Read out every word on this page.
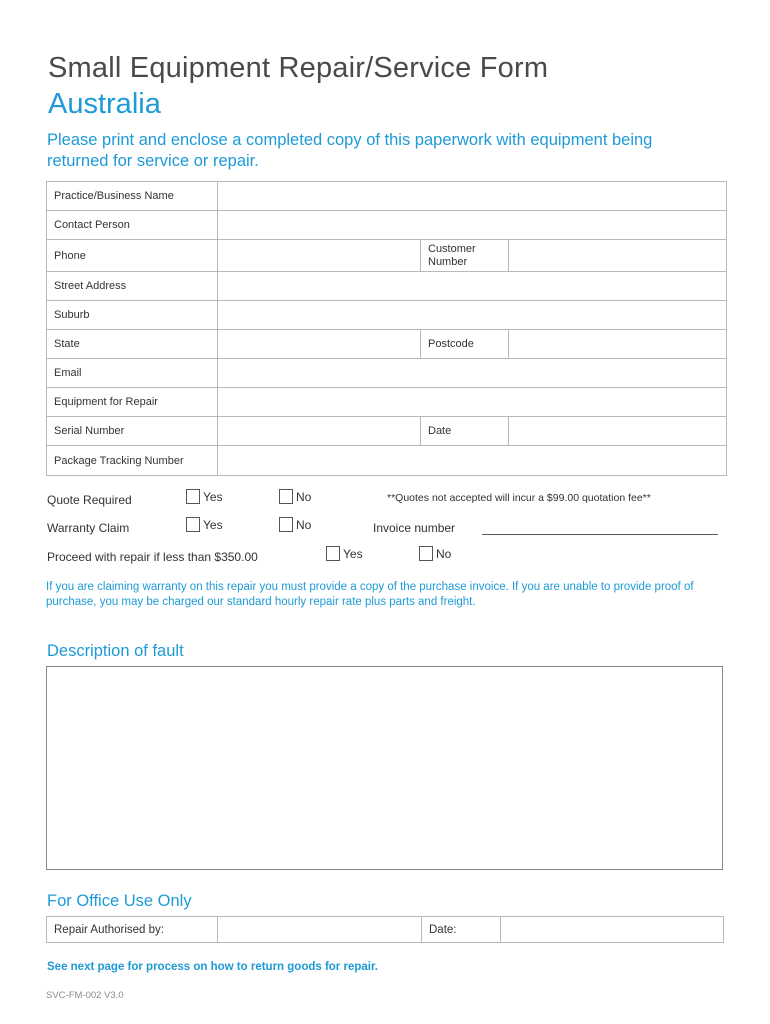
Small Equipment Repair/Service Form
Australia
Please print and enclose a completed copy of this paperwork with equipment being returned for service or repair.
Practice/Business Name			
Contact Person			
Phone		Customer Number	
Street Address			
Suburb			
State		Postcode	
Email			
Equipment for Repair			
Serial Number		Date	
Package Tracking Number			
Quote Required	Yes	No	**Quotes not accepted will incur a $99.00 quotation fee**
Warranty Claim	Yes	No	Invoice number
Proceed with repair if less than $350.00	Yes	No
If you are claiming warranty on this repair you must provide a copy of the purchase invoice. If you are unable to provide proof of purchase, you may be charged our standard hourly repair rate plus parts and freight.
Description of fault
For Office Use Only
Repair Authorised by:		Date:	
See next page for process on how to return goods for repair.
SVC-FM-002 V3.0
